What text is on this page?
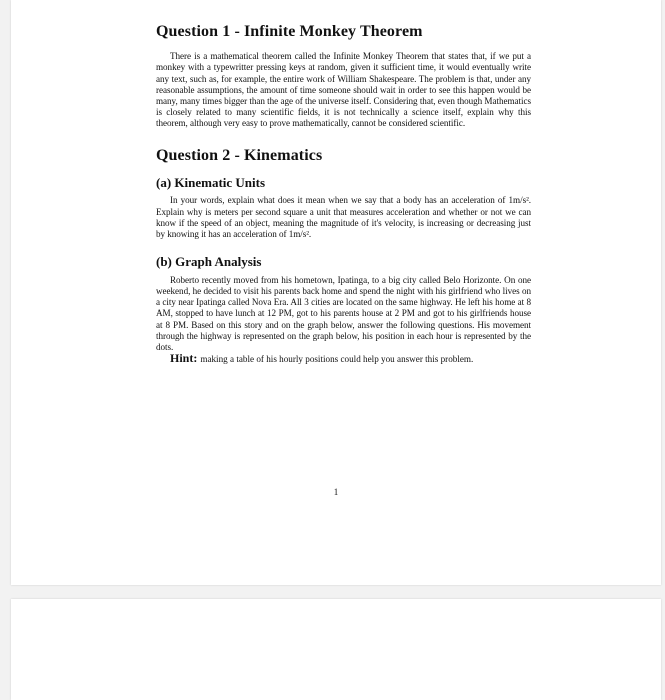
Question 1 - Infinite Monkey Theorem

There is a mathematical theorem called the Infinite Monkey Theorem that states that, if we put a monkey with a typewritter pressing keys at random, given it sufficient time, it would eventually write any text, such as, for example, the entire work of William Shakespeare. The problem is that, under any reasonable assumptions, the amount of time someone should wait in order to see this happen would be many, many times bigger than the age of the universe itself. Considering that, even though Mathematics is closely related to many scientific fields, it is not technically a science itself, explain why this theorem, although very easy to prove mathematically, cannot be considered scientific.

Question 2 - Kinematics
(a) Kinematic Units

In your words, explain what does it mean when we say that a body has an acceleration of 1m/s². Explain why is meters per second square a unit that measures acceleration and whether or not we can know if the speed of an object, meaning the magnitude of it's velocity, is increasing or decreasing just by knowing it has an acceleration of 1m/s².

(b) Graph Analysis

Roberto recently moved from his hometown, Ipatinga, to a big city called Belo Horizonte. On one weekend, he decided to visit his parents back home and spend the night with his girlfriend who lives on a city near Ipatinga called Nova Era. All 3 cities are located on the same highway. He left his home at 8 AM, stopped to have lunch at 12 PM, got to his parents house at 2 PM and got to his girlfriends house at 8 PM. Based on this story and on the graph below, answer the following questions. His movement through the highway is represented on the graph below, his position in each hour is represented by the dots.

Hint: making a table of his hourly positions could help you answer this problem.

1
